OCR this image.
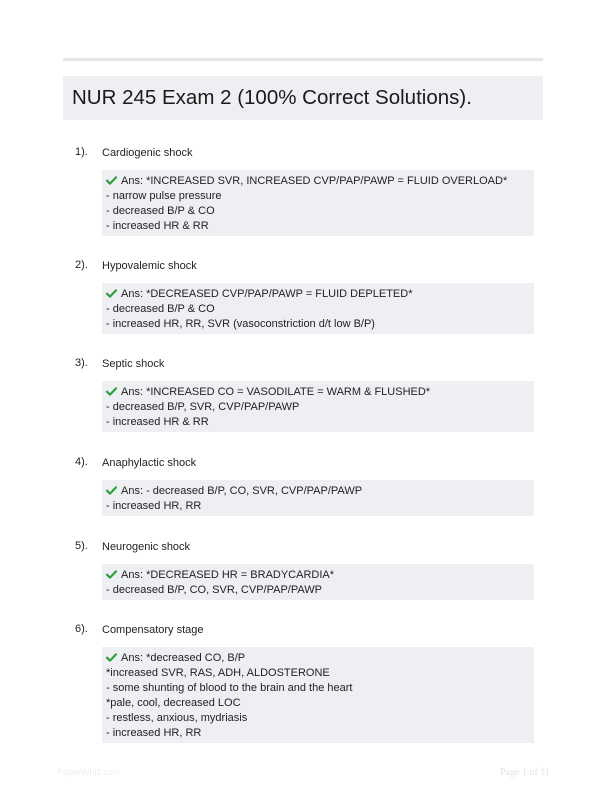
NUR 245 Exam 2 (100% Correct Solutions).
1). Cardiogenic shock
Ans: *INCREASED SVR, INCREASED CVP/PAP/PAWP = FLUID OVERLOAD*
- narrow pulse pressure
- decreased B/P & CO
- increased HR & RR
2). Hypovalemic shock
Ans: *DECREASED CVP/PAP/PAWP = FLUID DEPLETED*
- decreased B/P & CO
- increased HR, RR, SVR (vasoconstriction d/t low B/P)
3). Septic shock
Ans: *INCREASED CO = VASODILATE = WARM & FLUSHED*
- decreased B/P, SVR, CVP/PAP/PAWP
- increased HR & RR
4). Anaphylactic shock
Ans: - decreased B/P, CO, SVR, CVP/PAP/PAWP
- increased HR, RR
5). Neurogenic shock
Ans: *DECREASED HR = BRADYCARDIA*
- decreased B/P, CO, SVR, CVP/PAP/PAWP
6). Compensatory stage
Ans: *decreased CO, B/P
*increased SVR, RAS, ADH, ALDOSTERONE
- some shunting of blood to the brain and the heart
*pale, cool, decreased LOC
- restless, anxious, mydriasis
- increased HR, RR
PaperWhiz.com	Page 1 of 11
